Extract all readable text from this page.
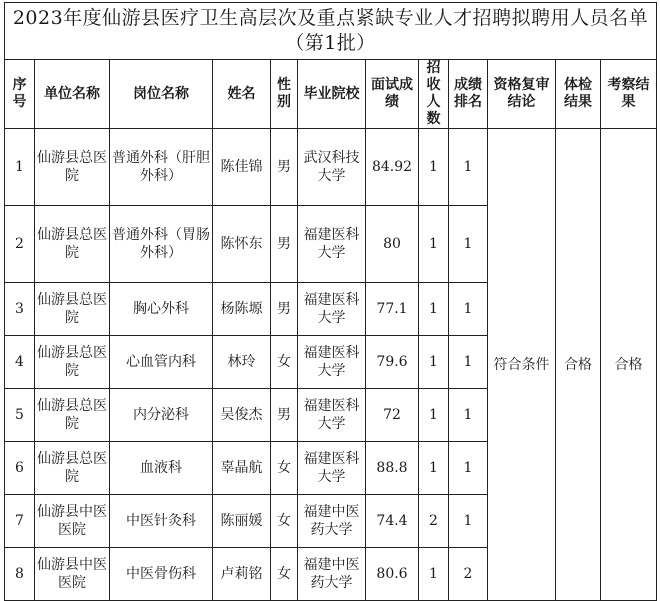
2023年度仙游县医疗卫生高层次及重点紧缺专业人才招聘拟聘用人员名单（第1批）											
序号	单位名称	岗位名称	姓名	性别	毕业院校	面试成绩	招收人数	成绩排名	资格复审结论	体检结果	考察结果
1	仙游县总医院	普通外科（肝胆外科）	陈佳锦	男	武汉科技大学	84.92	1	1	符合条件	合格	合格
2	仙游县总医院	普通外科（胃肠外科）	陈怀东	男	福建医科大学	80	1	1			
3	仙游县总医院	胸心外科	杨陈塬	男	福建医科大学	77.1	1	1			
4	仙游县总医院	心血管内科	林玲	女	福建医科大学	79.6	1	1			
5	仙游县总医院	内分泌科	吴俊杰	男	福建医科大学	72	1	1			
6	仙游县总医院	血液科	辜晶航	女	福建医科大学	88.8	1	1			
7	仙游县中医医院	中医针灸科	陈丽媛	女	福建中医药大学	74.4	2	1			
8	仙游县中医医院	中医骨伤科	卢莉铭	女	福建中医药大学	80.6	1	2			
